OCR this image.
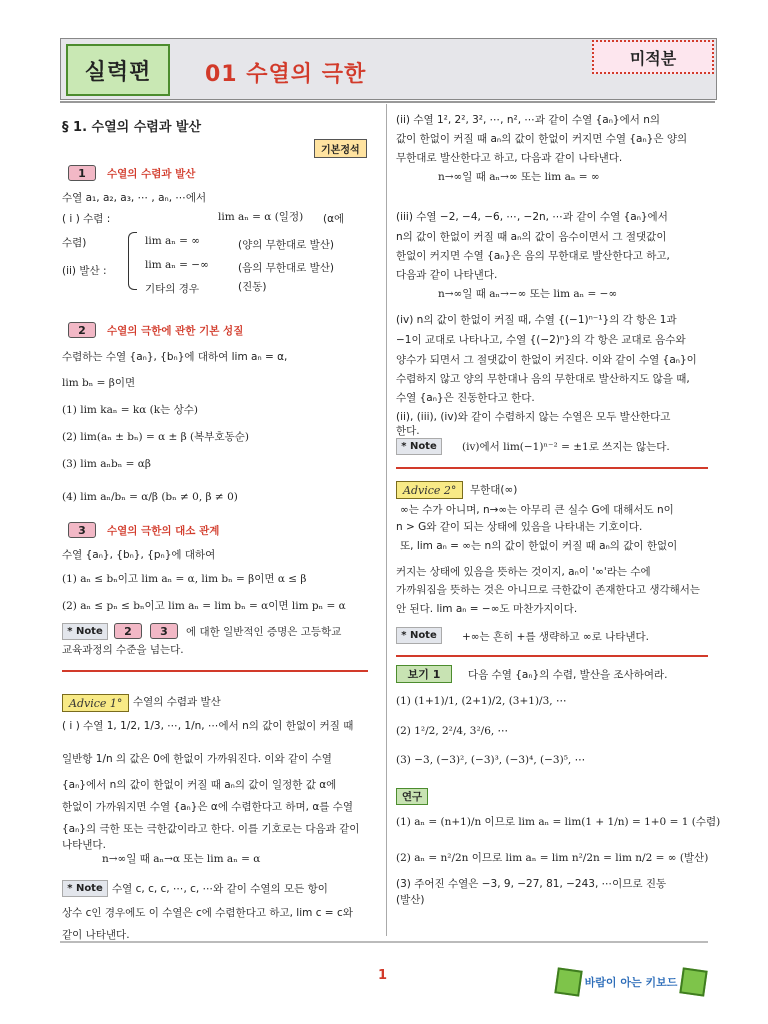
실력편 01 수열의 극한
미적분
§ 1. 수열의 수렴과 발산
기본정석
1	수열의 수렴과 발산
수열 a₁, a₂, a₃, ⋯ , aₙ, ⋯에서
( i ) 수렴 :	lim aₙ = α (일정) (α에
수렴)
(ii) 발산 :
lim aₙ = ∞	(양의 무한대로 발산)
lim aₙ = −∞	(음의 무한대로 발산)
기타의 경우	(진동)
2	수열의 극한에 관한 기본 성질
수렴하는 수열 {aₙ}, {bₙ}에 대하여 lim aₙ = α,
lim bₙ = β이면
(1) lim kaₙ = kα (k는 상수)
(2) lim(aₙ ± bₙ) = α ± β (복부호동순)
(3) lim aₙbₙ = αβ
(4) lim aₙ/bₙ = α/β (bₙ ≠ 0, β ≠ 0)
3	수열의 극한의 대소 관계
수열 {aₙ}, {bₙ}, {pₙ}에 대하여
(1) aₙ ≤ bₙ이고 lim aₙ = α, lim bₙ = β이면 α ≤ β
(2) aₙ ≤ pₙ ≤ bₙ이고 lim aₙ = lim bₙ = α이면 lim pₙ = α
* Note	2	3	에 대한 일반적인 증명은 고등학교
교육과정의 수준을 넘는다.
Advice 1°	수열의 수렴과 발산
( i ) 수열 1, 1/2, 1/3, ⋯, 1/n, ⋯에서 n의 값이 한없이 커질 때
일반항 1/n 의 값은 0에 한없이 가까워진다. 이와 같이 수열
{aₙ}에서 n의 값이 한없이 커질 때 aₙ의 값이 일정한 값 α에
한없이 가까워지면 수열 {aₙ}은 α에 수렴한다고 하며, α를 수열
{aₙ}의 극한 또는 극한값이라고 한다. 이를 기호로는 다음과 같이
나타낸다.
n→∞일 때 aₙ→α 또는 lim aₙ = α
* Note 수열 c, c, c, ⋯, c, ⋯와 같이 수열의 모든 항이
상수 c인 경우에도 이 수열은 c에 수렴한다고 하고, lim c = c와
같이 나타낸다.
(ii) 수열 1², 2², 3², ⋯, n², ⋯과 같이 수열 {aₙ}에서 n의
값이 한없이 커질 때 aₙ의 값이 한없이 커지면 수열 {aₙ}은 양의
무한대로 발산한다고 하고, 다음과 같이 나타낸다.
n→∞일 때 aₙ→∞ 또는 lim aₙ = ∞
(iii) 수열 −2, −4, −6, ⋯, −2n, ⋯과 같이 수열 {aₙ}에서
n의 값이 한없이 커질 때 aₙ의 값이 음수이면서 그 절댓값이
한없이 커지면 수열 {aₙ}은 음의 무한대로 발산한다고 하고,
다음과 같이 나타낸다.
n→∞일 때 aₙ→−∞ 또는 lim aₙ = −∞
(iv) n의 값이 한없이 커질 때, 수열 {(−1)ⁿ⁻¹}의 각 항은 1과
−1이 교대로 나타나고, 수열 {(−2)ⁿ}의 각 항은 교대로 음수와
양수가 되면서 그 절댓값이 한없이 커진다. 이와 같이 수열 {aₙ}이
수렴하지 않고 양의 무한대나 음의 무한대로 발산하지도 않을 때,
수열 {aₙ}은 진동한다고 한다.
(ii), (iii), (iv)와 같이 수렴하지 않는 수열은 모두 발산한다고
한다.
* Note	(iv)에서 lim(−1)ⁿ⁻² = ±1로 쓰지는 않는다.
Advice 2°	무한대(∞)
∞는 수가 아니며, n→∞는 아무리 큰 실수 G에 대해서도 n이
n > G와 같이 되는 상태에 있음을 나타내는 기호이다.
또, lim aₙ = ∞는 n의 값이 한없이 커질 때 aₙ의 값이 한없이
커지는 상태에 있음을 뜻하는 것이지, aₙ이 '∞'라는 수에
가까워짐을 뜻하는 것은 아니므로 극한값이 존재한다고 생각해서는
안 된다. lim aₙ = −∞도 마찬가지이다.
* Note	+∞는 흔히 +를 생략하고 ∞로 나타낸다.
보기 1	다음 수열 {aₙ}의 수렴, 발산을 조사하여라.
(1) (1+1)/1, (2+1)/2, (3+1)/3, ⋯
(2) 1²/2, 2²/4, 3²/6, ⋯
(3) −3, (−3)², (−3)³, (−3)⁴, (−3)⁵, ⋯
연구
(1) aₙ = (n+1)/n 이므로 lim aₙ = lim(1 + 1/n) = 1+0 = 1 (수렴)
(2) aₙ = n²/2n 이므로 lim aₙ = lim n²/2n = lim n/2 = ∞ (발산)
(3) 주어진 수열은 −3, 9, −27, 81, −243, ⋯이므로 진동
(발산)
1	바람이 아는 키보드
